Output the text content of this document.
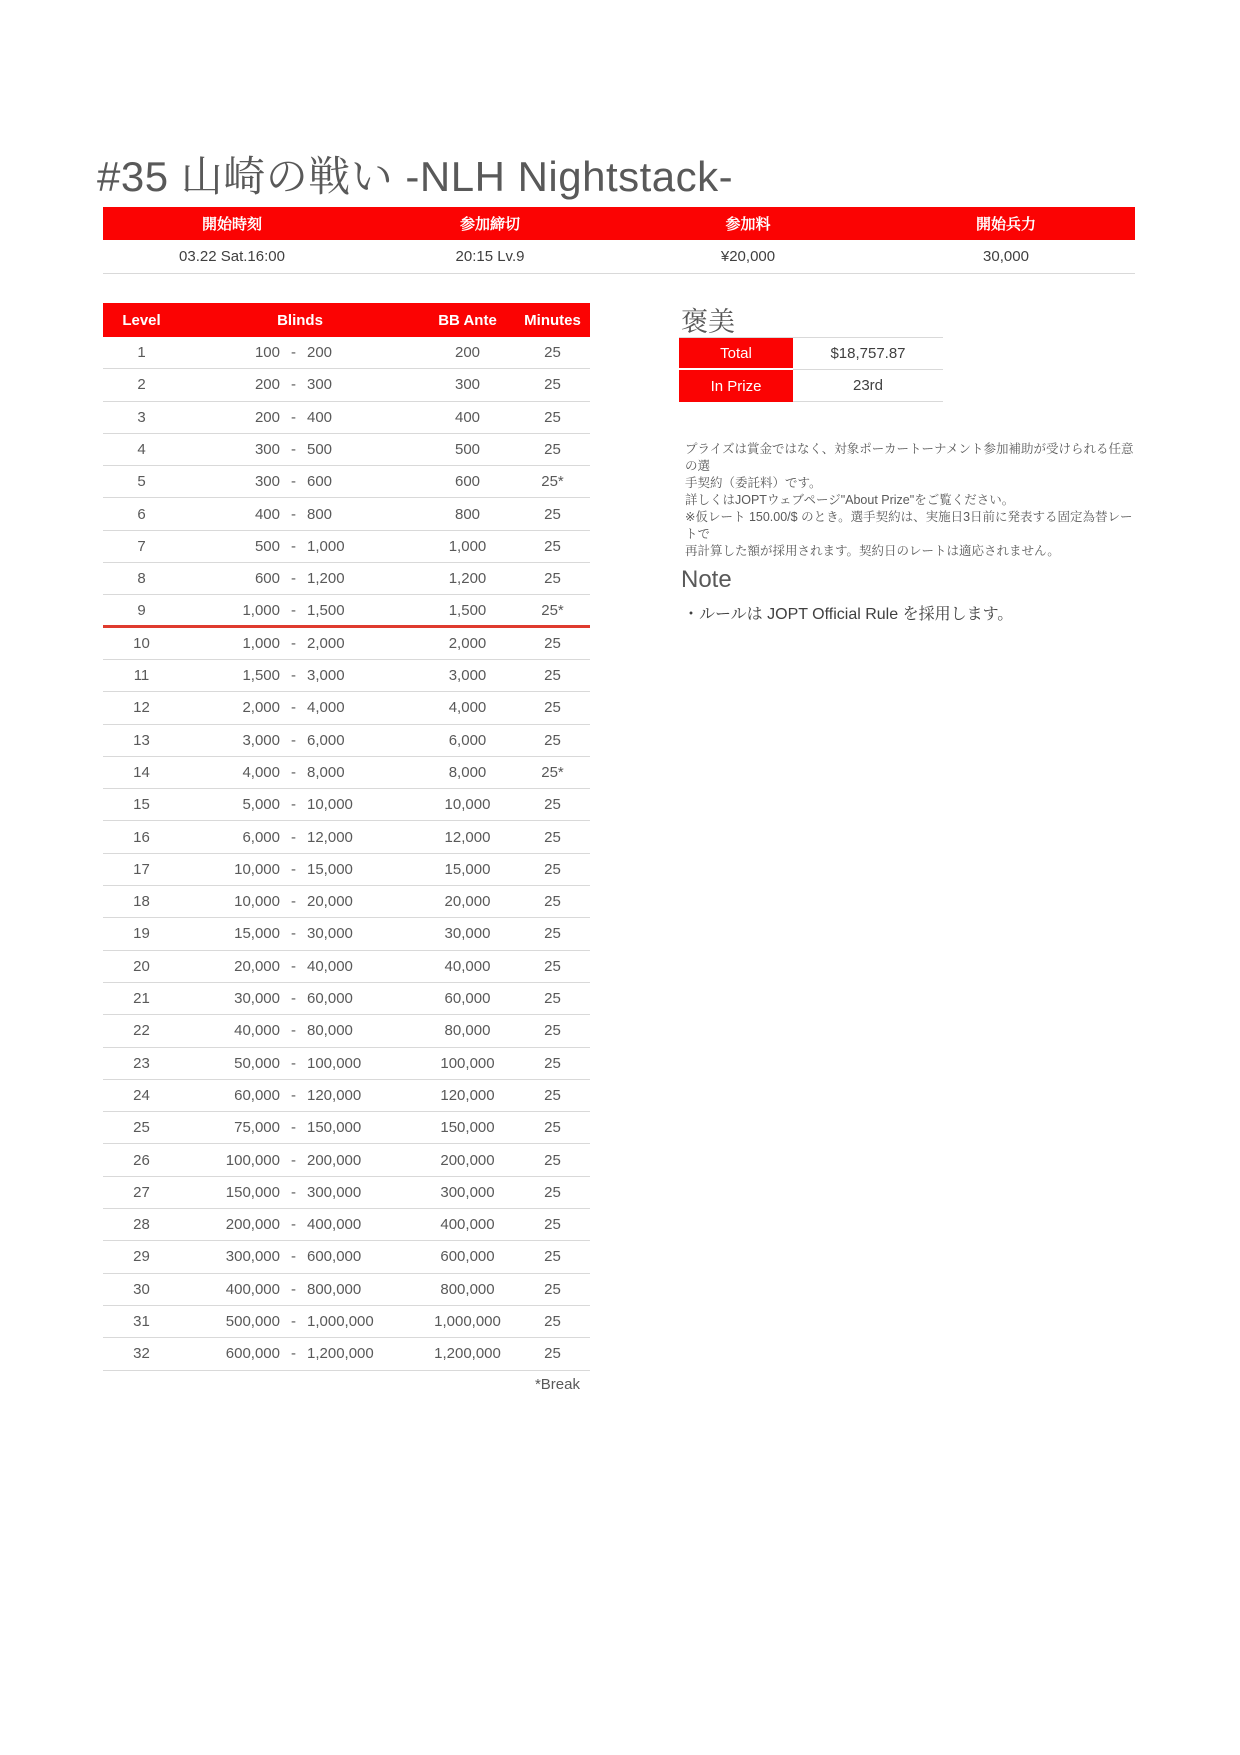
#35 山崎の戦い -NLH Nightstack-
開始時刻	参加締切	参加料	開始兵力
03.22 Sat.16:00	20:15 Lv.9	¥20,000	30,000
Level	Blinds	BB Ante	Minutes
1	100 - 200	200	25
2	200 - 300	300	25
3	200 - 400	400	25
4	300 - 500	500	25
5	300 - 600	600	25*
6	400 - 800	800	25
7	500 - 1,000	1,000	25
8	600 - 1,200	1,200	25
9	1,000 - 1,500	1,500	25*
10	1,000 - 2,000	2,000	25
11	1,500 - 3,000	3,000	25
12	2,000 - 4,000	4,000	25
13	3,000 - 6,000	6,000	25
14	4,000 - 8,000	8,000	25*
15	5,000 - 10,000	10,000	25
16	6,000 - 12,000	12,000	25
17	10,000 - 15,000	15,000	25
18	10,000 - 20,000	20,000	25
19	15,000 - 30,000	30,000	25
20	20,000 - 40,000	40,000	25
21	30,000 - 60,000	60,000	25
22	40,000 - 80,000	80,000	25
23	50,000 - 100,000	100,000	25
24	60,000 - 120,000	120,000	25
25	75,000 - 150,000	150,000	25
26	100,000 - 200,000	200,000	25
27	150,000 - 300,000	300,000	25
28	200,000 - 400,000	400,000	25
29	300,000 - 600,000	600,000	25
30	400,000 - 800,000	800,000	25
31	500,000 - 1,000,000	1,000,000	25
32	600,000 - 1,200,000	1,200,000	25
*Break
褒美
Total	$18,757.87
In Prize	23rd
プライズは賞金ではなく、対象ポーカートーナメント参加補助が受けられる任意の選
手契約（委託料）です。
詳しくはJOPTウェブページ"About Prize"をご覧ください。
※仮レート 150.00/$ のとき。選手契約は、実施日3日前に発表する固定為替レートで
再計算した額が採用されます。契約日のレートは適応されません。
Note
・ルールは JOPT Official Rule を採用します。
